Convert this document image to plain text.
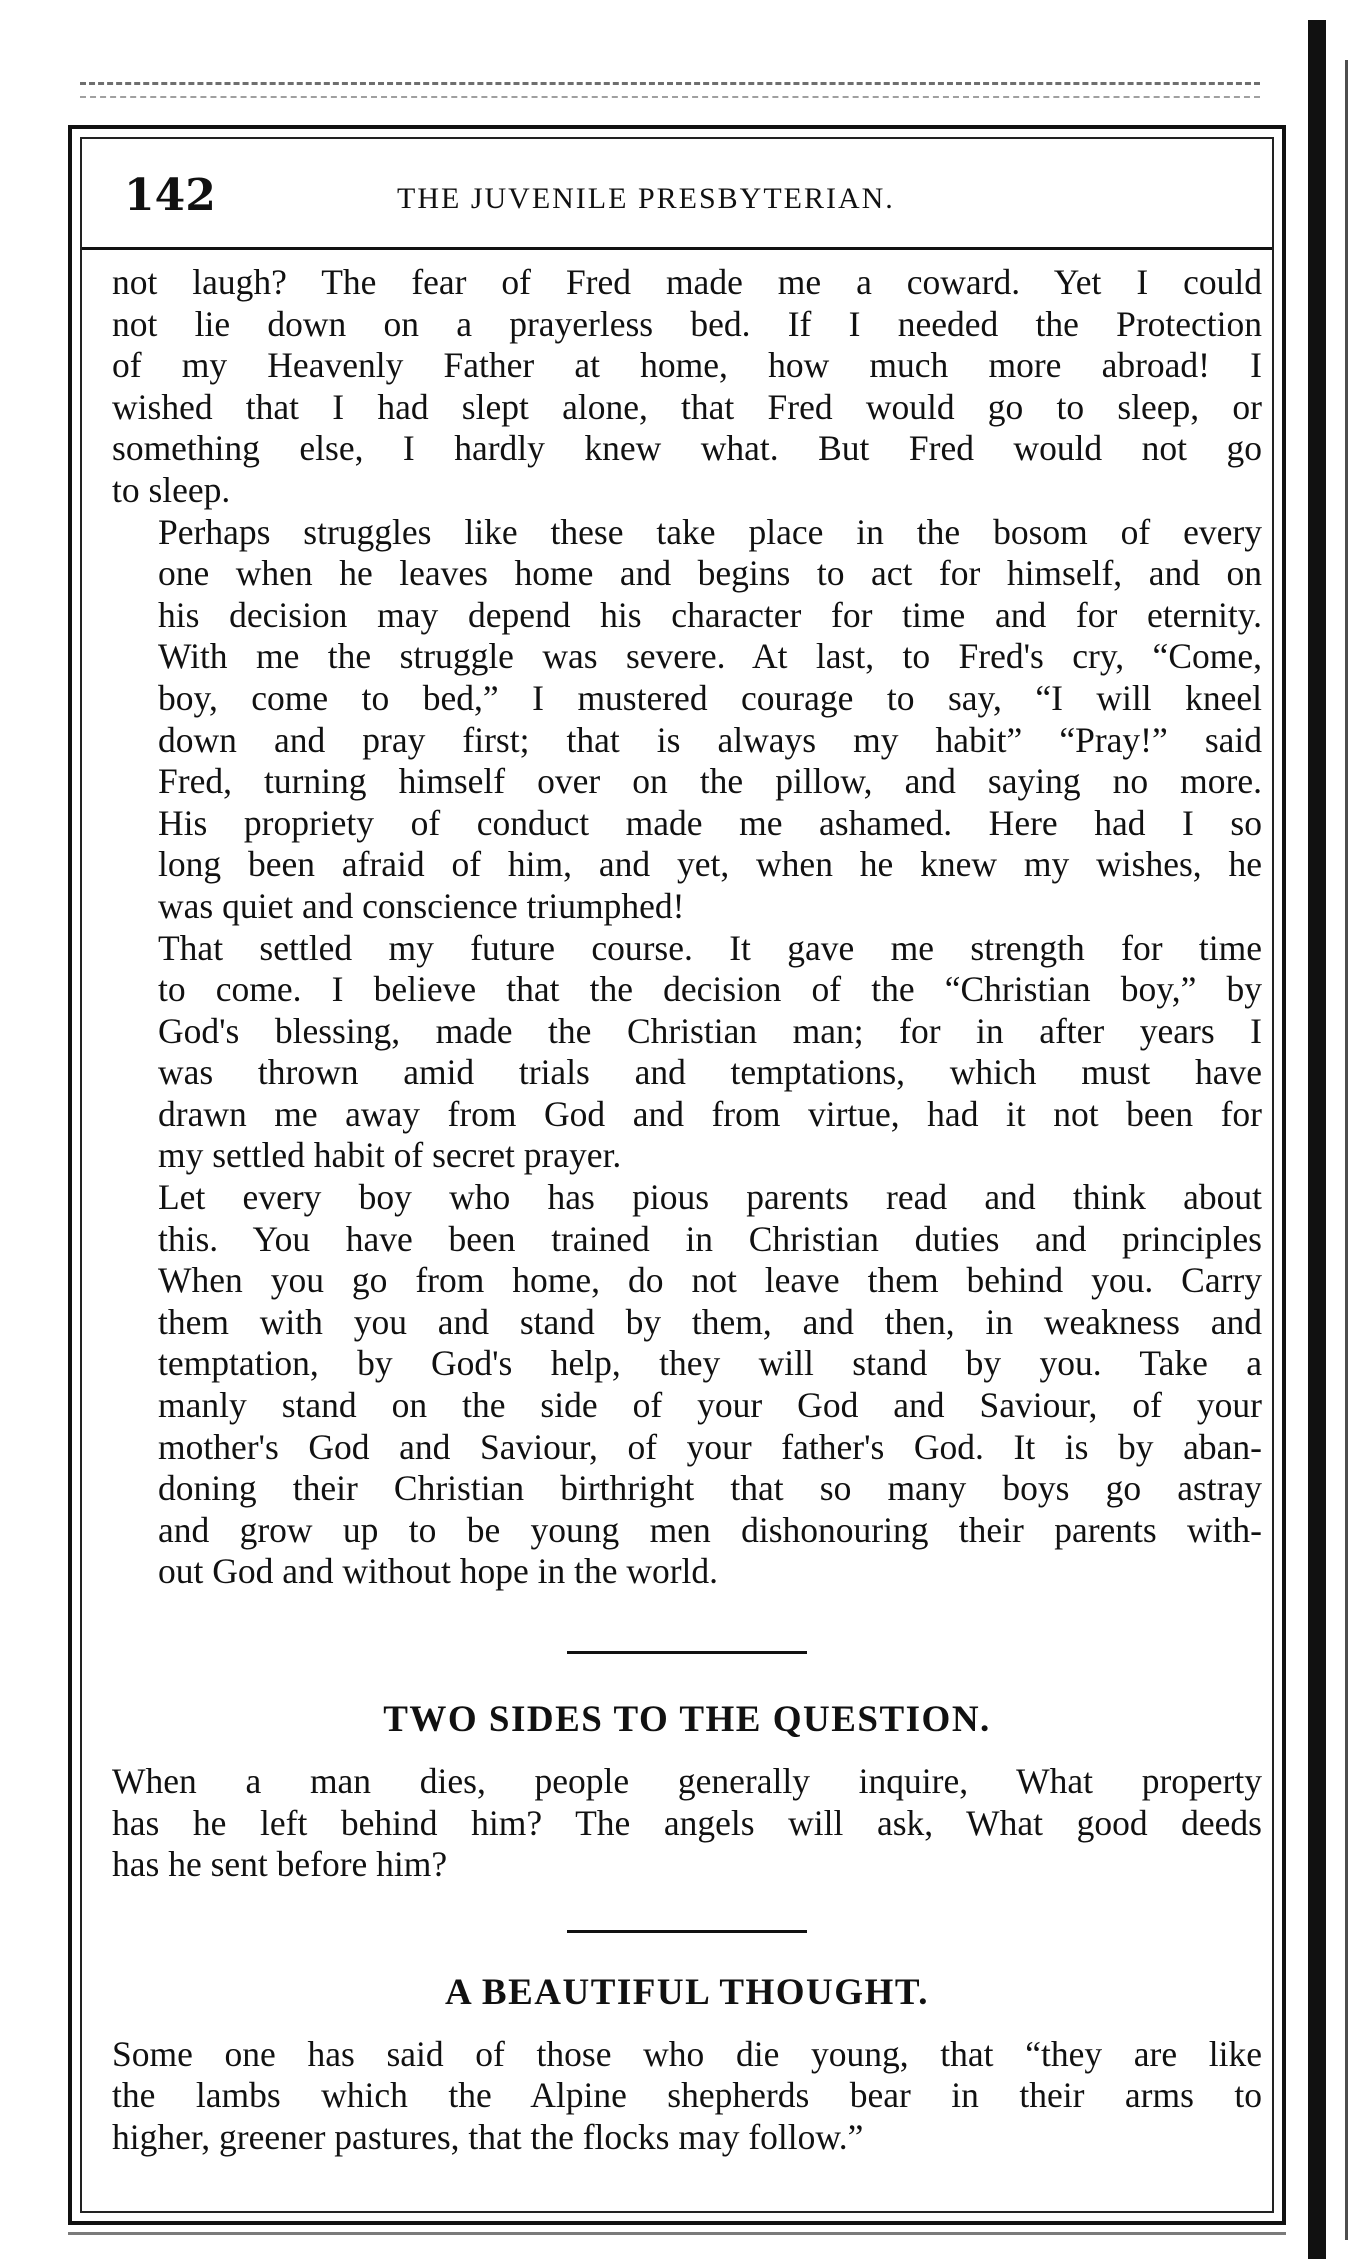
142	THE JUVENILE PRESBYTERIAN.

not laugh? The fear of Fred made me a coward. Yet I could
not lie down on a prayerless bed. If I needed the Protection
of my Heavenly Father at home, how much more abroad! I
wished that I had slept alone, that Fred would go to sleep, or
something else, I hardly knew what. But Fred would not go
to sleep.

Perhaps struggles like these take place in the bosom of every
one when he leaves home and begins to act for himself, and on
his decision may depend his character for time and for eternity.
With me the struggle was severe. At last, to Fred's cry, “Come,
boy, come to bed,” I mustered courage to say, “I will kneel
down and pray first; that is always my habit” “Pray!” said
Fred, turning himself over on the pillow, and saying no more.
His propriety of conduct made me ashamed. Here had I so
long been afraid of him, and yet, when he knew my wishes, he
was quiet and conscience triumphed!

That settled my future course. It gave me strength for time
to come. I believe that the decision of the “Christian boy,” by
God's blessing, made the Christian man; for in after years I
was thrown amid trials and temptations, which must have
drawn me away from God and from virtue, had it not been for
my settled habit of secret prayer.

Let every boy who has pious parents read and think about
this. You have been trained in Christian duties and principles
When you go from home, do not leave them behind you. Carry
them with you and stand by them, and then, in weakness and
temptation, by God's help, they will stand by you. Take a
manly stand on the side of your God and Saviour, of your
mother's God and Saviour, of your father's God. It is by aban-
doning their Christian birthright that so many boys go astray
and grow up to be young men dishonouring their parents with-
out God and without hope in the world.

TWO SIDES TO THE QUESTION.

When a man dies, people generally inquire, What property
has he left behind him? The angels will ask, What good deeds
has he sent before him?

A BEAUTIFUL THOUGHT.

Some one has said of those who die young, that “they are like
the lambs which the Alpine shepherds bear in their arms to
higher, greener pastures, that the flocks may follow.”
